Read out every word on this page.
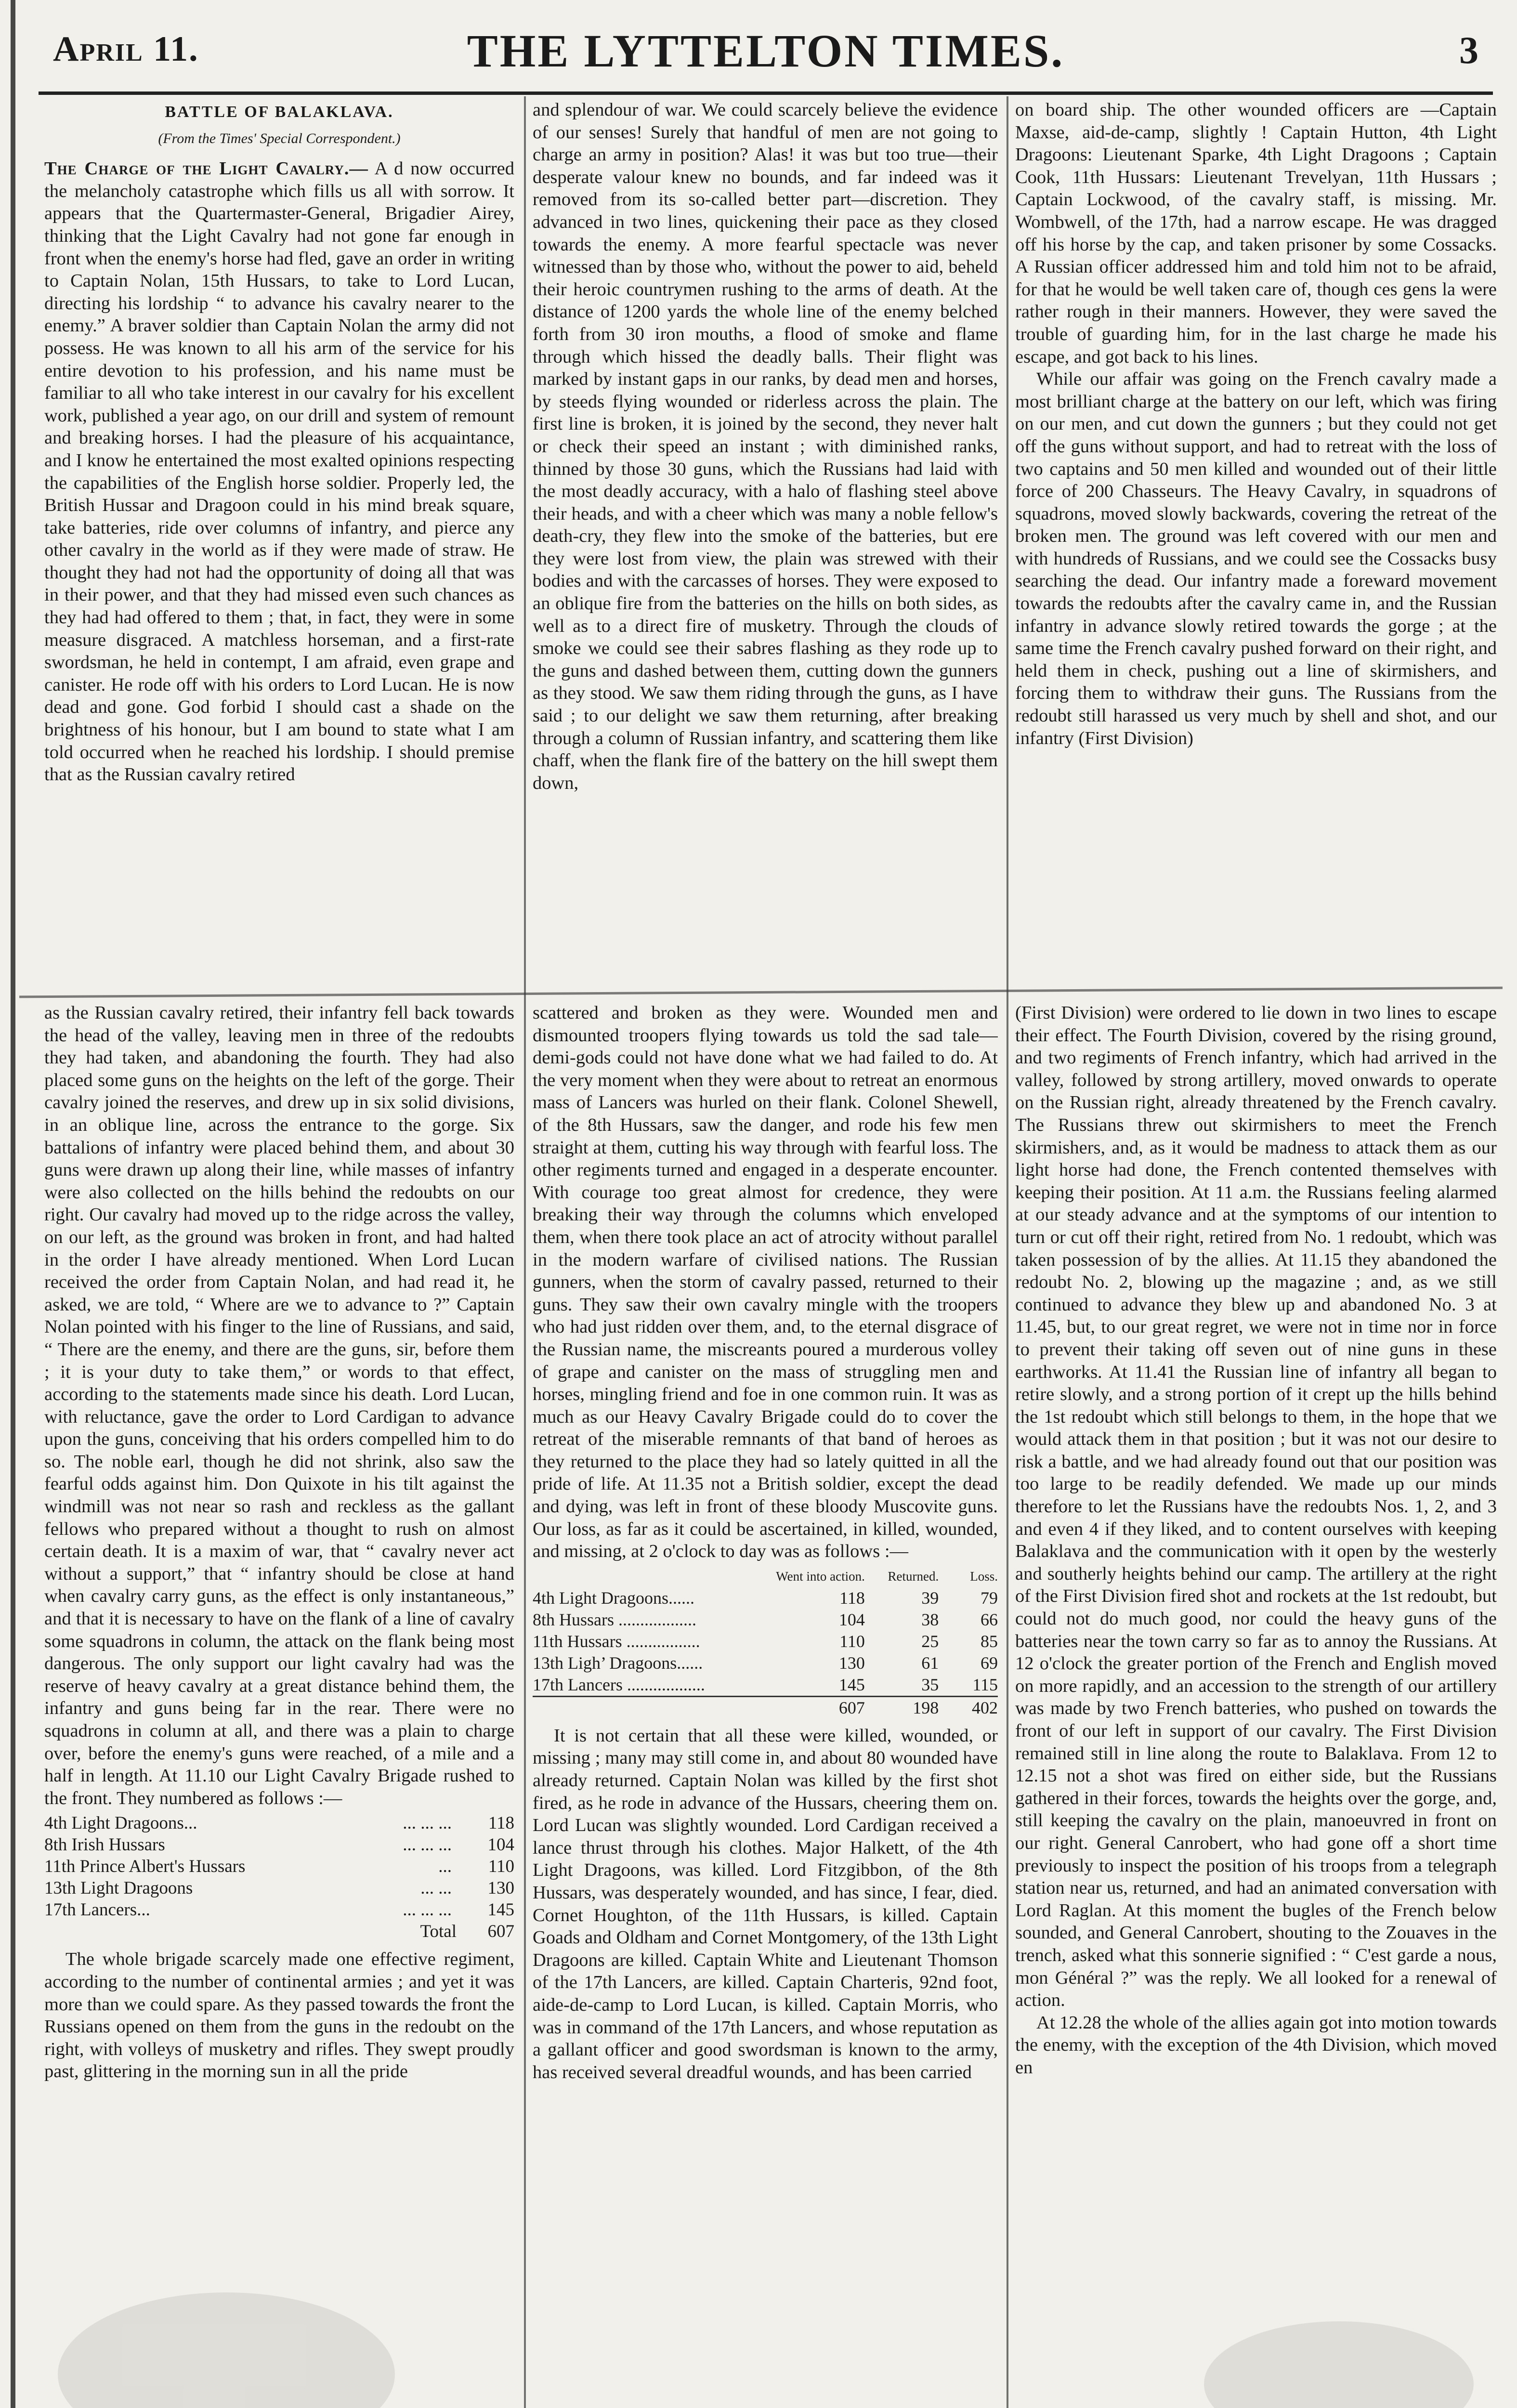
April 11.	THE LYTTELTON TIMES.	3
BATTLE OF BALAKLAVA.
(From the Times' Special Correspondent.)

The Charge of the Light Cavalry.— A d now occurred the melancholy catastrophe which fills us all with sorrow. It appears that the Quartermaster-General, Brigadier Airey, thinking that the Light Cavalry had not gone far enough in front when the enemy's horse had fled, gave an order in writing to Captain Nolan, 15th Hussars, to take to Lord Lucan, directing his lordship “ to advance his cavalry nearer to the enemy.” A braver soldier than Captain Nolan the army did not possess. He was known to all his arm of the service for his entire devotion to his profession, and his name must be familiar to all who take interest in our cavalry for his excellent work, published a year ago, on our drill and system of remount and breaking horses. I had the pleasure of his acquaintance, and I know he entertained the most exalted opinions respecting the capabilities of the English horse soldier. Properly led, the British Hussar and Dragoon could in his mind break square, take batteries, ride over columns of infantry, and pierce any other cavalry in the world as if they were made of straw. He thought they had not had the opportunity of doing all that was in their power, and that they had missed even such chances as they had had offered to them ; that, in fact, they were in some measure disgraced. A matchless horseman, and a first-rate swordsman, he held in contempt, I am afraid, even grape and canister. He rode off with his orders to Lord Lucan. He is now dead and gone. God forbid I should cast a shade on the brightness of his honour, but I am bound to state what I am told occurred when he reached his lordship. I should premise that as the Russian cavalry retired

and splendour of war. We could scarcely believe the evidence of our senses! Surely that handful of men are not going to charge an army in position? Alas! it was but too true—their desperate valour knew no bounds, and far indeed was it removed from its so-called better part—discretion. They advanced in two lines, quickening their pace as they closed towards the enemy. A more fearful spectacle was never witnessed than by those who, without the power to aid, beheld their heroic countrymen rushing to the arms of death. At the distance of 1200 yards the whole line of the enemy belched forth from 30 iron mouths, a flood of smoke and flame through which hissed the deadly balls. Their flight was marked by instant gaps in our ranks, by dead men and horses, by steeds flying wounded or riderless across the plain. The first line is broken, it is joined by the second, they never halt or check their speed an instant ; with diminished ranks, thinned by those 30 guns, which the Russians had laid with the most deadly accuracy, with a halo of flashing steel above their heads, and with a cheer which was many a noble fellow's death-cry, they flew into the smoke of the batteries, but ere they were lost from view, the plain was strewed with their bodies and with the carcasses of horses. They were exposed to an oblique fire from the batteries on the hills on both sides, as well as to a direct fire of musketry. Through the clouds of smoke we could see their sabres flashing as they rode up to the guns and dashed between them, cutting down the gunners as they stood. We saw them riding through the guns, as I have said ; to our delight we saw them returning, after breaking through a column of Russian infantry, and scattering them like chaff, when the flank fire of the battery on the hill swept them down,

on board ship. The other wounded officers are —Captain Maxse, aid-de-camp, slightly ! Captain Hutton, 4th Light Dragoons: Lieutenant Sparke, 4th Light Dragoons ; Captain Cook, 11th Hussars: Lieutenant Trevelyan, 11th Hussars ; Captain Lockwood, of the cavalry staff, is missing. Mr. Wombwell, of the 17th, had a narrow escape. He was dragged off his horse by the cap, and taken prisoner by some Cossacks. A Russian officer addressed him and told him not to be afraid, for that he would be well taken care of, though ces gens la were rather rough in their manners. However, they were saved the trouble of guarding him, for in the last charge he made his escape, and got back to his lines.

While our affair was going on the French cavalry made a most brilliant charge at the battery on our left, which was firing on our men, and cut down the gunners ; but they could not get off the guns without support, and had to retreat with the loss of two captains and 50 men killed and wounded out of their little force of 200 Chasseurs. The Heavy Cavalry, in squadrons of squadrons, moved slowly backwards, covering the retreat of the broken men. The ground was left covered with our men and with hundreds of Russians, and we could see the Cossacks busy searching the dead. Our infantry made a foreward movement towards the redoubts after the cavalry came in, and the Russian infantry in advance slowly retired towards the gorge ; at the same time the French cavalry pushed forward on their right, and held them in check, pushing out a line of skirmishers, and forcing them to withdraw their guns. The Russians from the redoubt still harassed us very much by shell and shot, and our infantry (First Division)

as the Russian cavalry retired, their infantry fell back towards the head of the valley, leaving men in three of the redoubts they had taken, and abandoning the fourth. They had also placed some guns on the heights on the left of the gorge. Their cavalry joined the reserves, and drew up in six solid divisions, in an oblique line, across the entrance to the gorge. Six battalions of infantry were placed behind them, and about 30 guns were drawn up along their line, while masses of infantry were also collected on the hills behind the redoubts on our right. Our cavalry had moved up to the ridge across the valley, on our left, as the ground was broken in front, and had halted in the order I have already mentioned. When Lord Lucan received the order from Captain Nolan, and had read it, he asked, we are told, “ Where are we to advance to ?” Captain Nolan pointed with his finger to the line of Russians, and said, “ There are the enemy, and there are the guns, sir, before them ; it is your duty to take them,” or words to that effect, according to the statements made since his death. Lord Lucan, with reluctance, gave the order to Lord Cardigan to advance upon the guns, conceiving that his orders compelled him to do so. The noble earl, though he did not shrink, also saw the fearful odds against him. Don Quixote in his tilt against the windmill was not near so rash and reckless as the gallant fellows who prepared without a thought to rush on almost certain death. It is a maxim of war, that “ cavalry never act without a support,” that “ infantry should be close at hand when cavalry carry guns, as the effect is only instantaneous,” and that it is necessary to have on the flank of a line of cavalry some squadrons in column, the attack on the flank being most dangerous. The only support our light cavalry had was the reserve of heavy cavalry at a great distance behind them, the infantry and guns being far in the rear. There were no squadrons in column at all, and there was a plain to charge over, before the enemy's guns were reached, of a mile and a half in length. At 11.10 our Light Cavalry Brigade rushed to the front. They numbered as follows :—

4th Light Dragoons...	... ... ...	118
8th Irish Hussars	... ... ...	104
11th Prince Albert's Hussars	...	110
13th Light Dragoons	... ...	130
17th Lancers...	... ... ...	145
Total		607

The whole brigade scarcely made one effective regiment, according to the number of continental armies ; and yet it was more than we could spare. As they passed towards the front the Russians opened on them from the guns in the redoubt on the right, with volleys of musketry and rifles. They swept proudly past, glittering in the morning sun in all the pride

scattered and broken as they were. Wounded men and dismounted troopers flying towards us told the sad tale—demi-gods could not have done what we had failed to do. At the very moment when they were about to retreat an enormous mass of Lancers was hurled on their flank. Colonel Shewell, of the 8th Hussars, saw the danger, and rode his few men straight at them, cutting his way through with fearful loss. The other regiments turned and engaged in a desperate encounter. With courage too great almost for credence, they were breaking their way through the columns which enveloped them, when there took place an act of atrocity without parallel in the modern warfare of civilised nations. The Russian gunners, when the storm of cavalry passed, returned to their guns. They saw their own cavalry mingle with the troopers who had just ridden over them, and, to the eternal disgrace of the Russian name, the miscreants poured a murderous volley of grape and canister on the mass of struggling men and horses, mingling friend and foe in one common ruin. It was as much as our Heavy Cavalry Brigade could do to cover the retreat of the miserable remnants of that band of heroes as they returned to the place they had so lately quitted in all the pride of life. At 11.35 not a British soldier, except the dead and dying, was left in front of these bloody Muscovite guns. Our loss, as far as it could be ascertained, in killed, wounded, and missing, at 2 o'clock to day was as follows :—

	Went into action.	Returned.	Loss.
4th Light Dragoons......	118	39	79
8th Hussars ..................	104	38	66
11th Hussars .................	110	25	85
13th Ligh’ Dragoons......	130	61	69
17th Lancers ..................	145	35	115
	607	198	402

It is not certain that all these were killed, wounded, or missing ; many may still come in, and about 80 wounded have already returned. Captain Nolan was killed by the first shot fired, as he rode in advance of the Hussars, cheering them on. Lord Lucan was slightly wounded. Lord Cardigan received a lance thrust through his clothes. Major Halkett, of the 4th Light Dragoons, was killed. Lord Fitzgibbon, of the 8th Hussars, was desperately wounded, and has since, I fear, died. Cornet Houghton, of the 11th Hussars, is killed. Captain Goads and Oldham and Cornet Montgomery, of the 13th Light Dragoons are killed. Captain White and Lieutenant Thomson of the 17th Lancers, are killed. Captain Charteris, 92nd foot, aide-de-camp to Lord Lucan, is killed. Captain Morris, who was in command of the 17th Lancers, and whose reputation as a gallant officer and good swordsman is known to the army, has received several dreadful wounds, and has been carried

(First Division) were ordered to lie down in two lines to escape their effect. The Fourth Division, covered by the rising ground, and two regiments of French infantry, which had arrived in the valley, followed by strong artillery, moved onwards to operate on the Russian right, already threatened by the French cavalry. The Russians threw out skirmishers to meet the French skirmishers, and, as it would be madness to attack them as our light horse had done, the French contented themselves with keeping their position. At 11 a.m. the Russians feeling alarmed at our steady advance and at the symptoms of our intention to turn or cut off their right, retired from No. 1 redoubt, which was taken possession of by the allies. At 11.15 they abandoned the redoubt No. 2, blowing up the magazine ; and, as we still continued to advance they blew up and abandoned No. 3 at 11.45, but, to our great regret, we were not in time nor in force to prevent their taking off seven out of nine guns in these earthworks. At 11.41 the Russian line of infantry all began to retire slowly, and a strong portion of it crept up the hills behind the 1st redoubt which still belongs to them, in the hope that we would attack them in that position ; but it was not our desire to risk a battle, and we had already found out that our position was too large to be readily defended. We made up our minds therefore to let the Russians have the redoubts Nos. 1, 2, and 3 and even 4 if they liked, and to content ourselves with keeping Balaklava and the communication with it open by the westerly and southerly heights behind our camp. The artillery at the right of the First Division fired shot and rockets at the 1st redoubt, but could not do much good, nor could the heavy guns of the batteries near the town carry so far as to annoy the Russians. At 12 o'clock the greater portion of the French and English moved on more rapidly, and an accession to the strength of our artillery was made by two French batteries, who pushed on towards the front of our left in support of our cavalry. The First Division remained still in line along the route to Balaklava. From 12 to 12.15 not a shot was fired on either side, but the Russians gathered in their forces, towards the heights over the gorge, and, still keeping the cavalry on the plain, manoeuvred in front on our right. General Canrobert, who had gone off a short time previously to inspect the position of his troops from a telegraph station near us, returned, and had an animated conversation with Lord Raglan. At this moment the bugles of the French below sounded, and General Canrobert, shouting to the Zouaves in the trench, asked what this sonnerie signified : “ C'est garde a nous, mon Général ?” was the reply. We all looked for a renewal of action.

At 12.28 the whole of the allies again got into motion towards the enemy, with the exception of the 4th Division, which moved en
